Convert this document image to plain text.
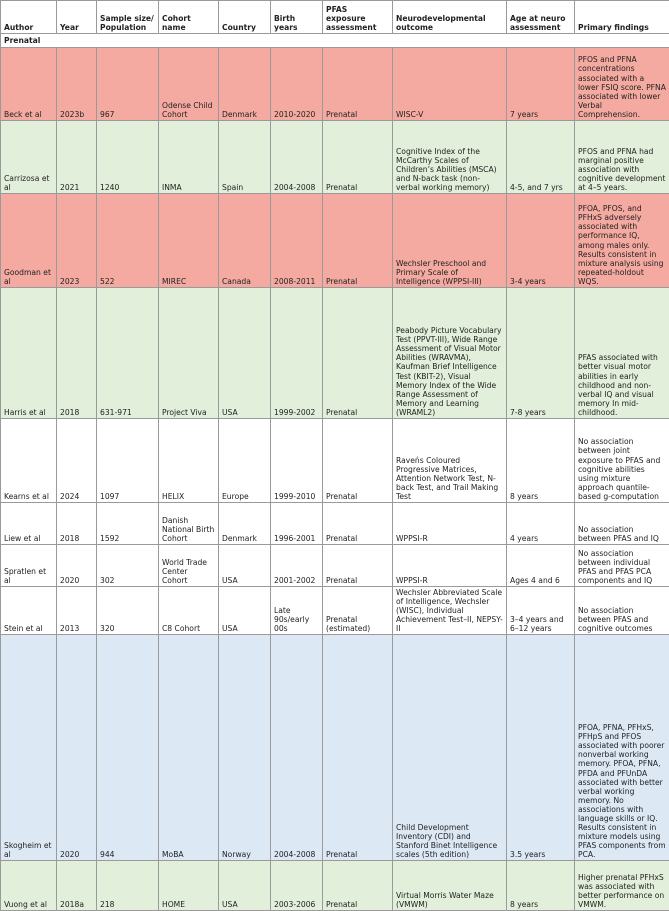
Author	Year	Sample size/ Population	Cohort name	Country	Birth years	PFAS exposure assessment	Neurodevelopmental outcome	Age at neuro assessment	Primary findings
Prenatal									
Beck et al	2023b	967	Odense Child Cohort	Denmark	2010-2020	Prenatal	WISC-V	7 years	PFOS and PFNA concentrations associated with a lower FSIQ score. PFNA associated with lower Verbal Comprehension.
Carrizosa et al	2021	1240	INMA	Spain	2004-2008	Prenatal	Cognitive Index of the McCarthy Scales of Children’s Abilities (MSCA) and N-back task (non-verbal working memory)	4-5, and 7 yrs	PFOS and PFNA had marginal positive association with cognitive development at 4–5 years.
Goodman et al	2023	522	MIREC	Canada	2008-2011	Prenatal	Wechsler Preschool and Primary Scale of Intelligence (WPPSI-III)	3-4 years	PFOA, PFOS, and PFHxS adversely associated with performance IQ, among males only. Results consistent in mixture analysis using repeated-holdout WQS.
Harris et al	2018	631-971	Project Viva	USA	1999-2002	Prenatal	Peabody Picture Vocabulary Test (PPVT-III), Wide Range Assessment of Visual Motor Abilities (WRAVMA), Kaufman Brief Intelligence Test (KBIT-2), Visual Memory Index of the Wide Range Assessment of Memory and Learning (WRAML2)	7-8 years	PFAS associated with better visual motor abilities in early childhood and non-verbal IQ and visual memory In mid-childhood.
Kearns et al	2024	1097	HELIX	Europe	1999-2010	Prenatal	Raveńs Coloured Progressive Matrices, Attention Network Test, N-back Test, and Trail Making Test	8 years	No association between joint exposure to PFAS and cognitive abilities using mixture approach quantile-based g-computation
Liew et al	2018	1592	Danish National Birth Cohort	Denmark	1996-2001	Prenatal	WPPSI-R	4 years	No association between PFAS and IQ
Spratlen et al	2020	302	World Trade Center Cohort	USA	2001-2002	Prenatal	WPPSI-R	Ages 4 and 6	No association between individual PFAS and PFAS PCA components and IQ
Stein et al	2013	320	C8 Cohort	USA	Late 90s/early 00s	Prenatal (estimated)	Wechsler Abbreviated Scale of Intelligence, Wechsler (WISC), Individual Achievement Test–II, NEPSY-II	3–4 years and 6–12 years	No association between PFAS and cognitive outcomes
Skogheim et al	2020	944	MoBA	Norway	2004-2008	Prenatal	Child Development Inventory (CDI) and Stanford Binet Intelligence scales (5th edition)	3.5 years	PFOA, PFNA, PFHxS, PFHpS and PFOS associated with poorer nonverbal working memory. PFOA, PFNA, PFDA and PFUnDA associated with better verbal working memory. No associations with language skills or IQ. Results consistent in mixture models using PFAS components from PCA.
Vuong et al	2018a	218	HOME	USA	2003-2006	Prenatal	Virtual Morris Water Maze (VMWM)	8 years	Higher prenatal PFHxS was associated with better performance on VMWM.
